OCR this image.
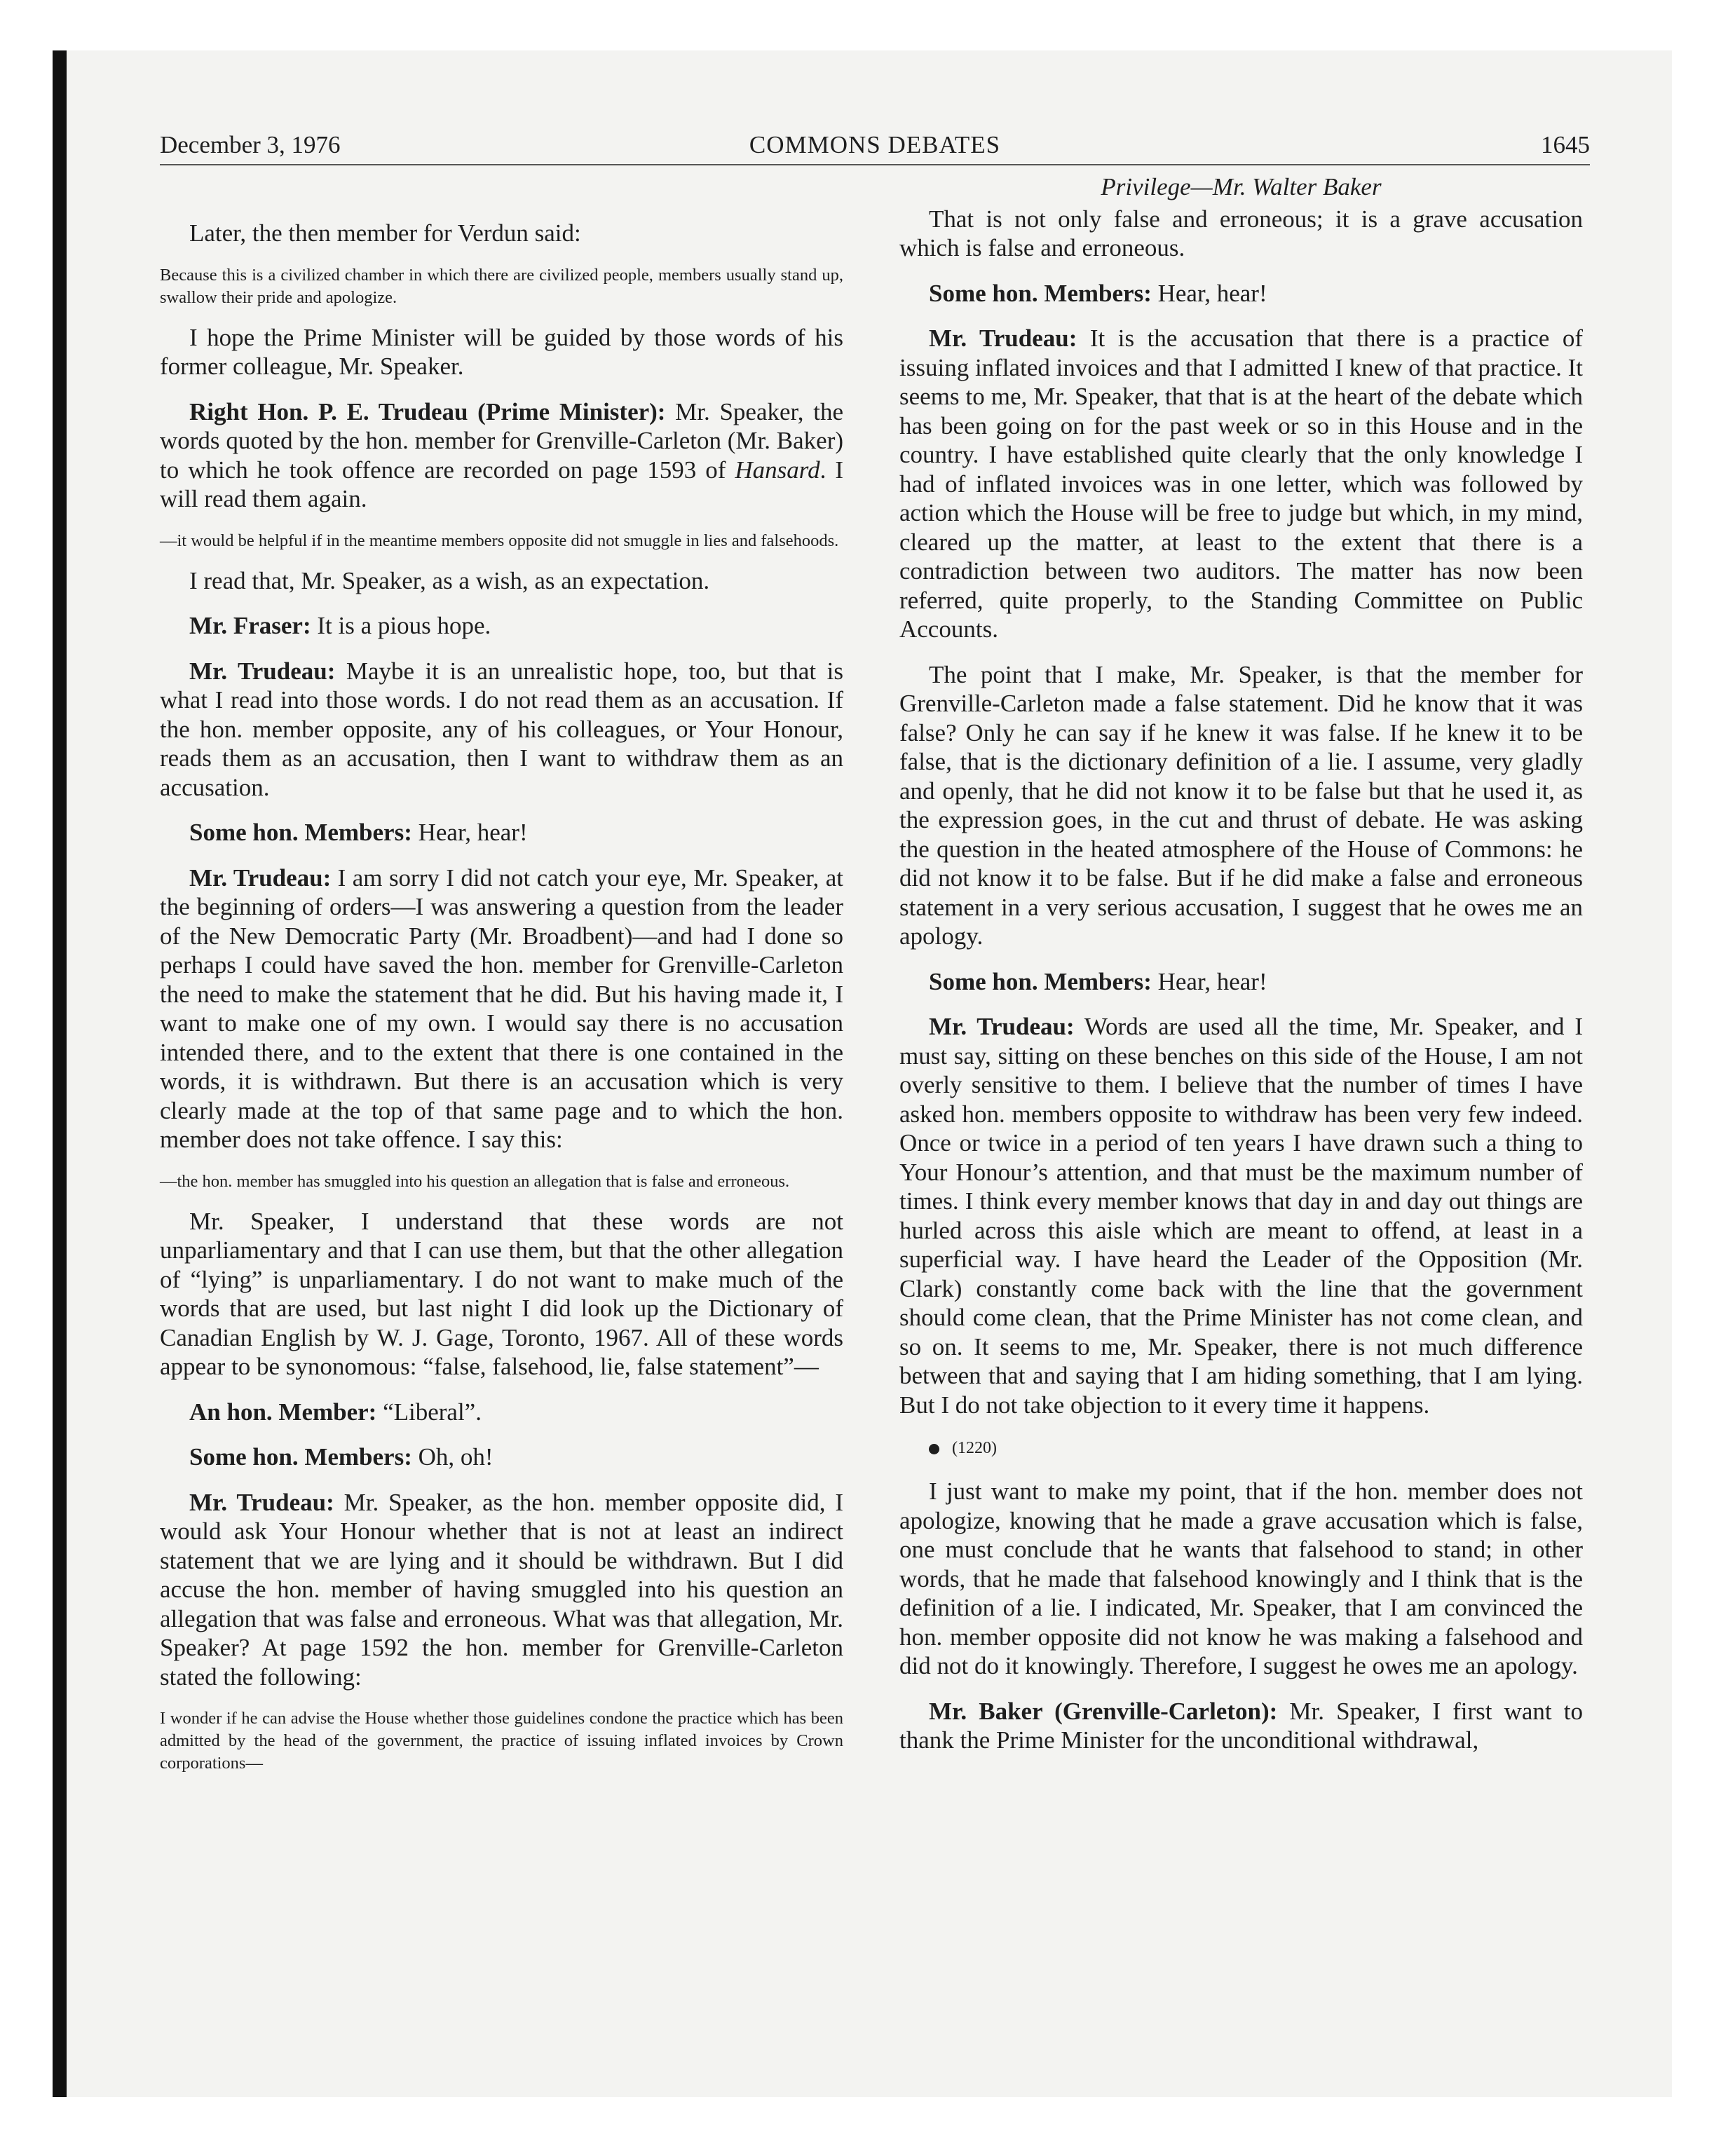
December 3, 1976	COMMONS DEBATES	1645

Later, the then member for Verdun said:

Because this is a civilized chamber in which there are civilized people, members usually stand up, swallow their pride and apologize.

I hope the Prime Minister will be guided by those words of his former colleague, Mr. Speaker.

Right Hon. P. E. Trudeau (Prime Minister): Mr. Speaker, the words quoted by the hon. member for Grenville-Carleton (Mr. Baker) to which he took offence are recorded on page 1593 of Hansard. I will read them again.

—it would be helpful if in the meantime members opposite did not smuggle in lies and falsehoods.

I read that, Mr. Speaker, as a wish, as an expectation.

Mr. Fraser: It is a pious hope.

Mr. Trudeau: Maybe it is an unrealistic hope, too, but that is what I read into those words. I do not read them as an accusation. If the hon. member opposite, any of his colleagues, or Your Honour, reads them as an accusation, then I want to withdraw them as an accusation.

Some hon. Members: Hear, hear!

Mr. Trudeau: I am sorry I did not catch your eye, Mr. Speaker, at the beginning of orders—I was answering a question from the leader of the New Democratic Party (Mr. Broadbent)—and had I done so perhaps I could have saved the hon. member for Grenville-Carleton the need to make the statement that he did. But his having made it, I want to make one of my own. I would say there is no accusation intended there, and to the extent that there is one contained in the words, it is withdrawn. But there is an accusation which is very clearly made at the top of that same page and to which the hon. member does not take offence. I say this:

—the hon. member has smuggled into his question an allegation that is false and erroneous.

Mr. Speaker, I understand that these words are not unparliamentary and that I can use them, but that the other allegation of “lying” is unparliamentary. I do not want to make much of the words that are used, but last night I did look up the Dictionary of Canadian English by W. J. Gage, Toronto, 1967. All of these words appear to be synonomous: “false, falsehood, lie, false statement”—

An hon. Member: “Liberal”.

Some hon. Members: Oh, oh!

Mr. Trudeau: Mr. Speaker, as the hon. member opposite did, I would ask Your Honour whether that is not at least an indirect statement that we are lying and it should be withdrawn. But I did accuse the hon. member of having smuggled into his question an allegation that was false and erroneous. What was that allegation, Mr. Speaker? At page 1592 the hon. member for Grenville-Carleton stated the following:

I wonder if he can advise the House whether those guidelines condone the practice which has been admitted by the head of the government, the practice of issuing inflated invoices by Crown corporations—

Privilege—Mr. Walter Baker

That is not only false and erroneous; it is a grave accusation which is false and erroneous.

Some hon. Members: Hear, hear!

Mr. Trudeau: It is the accusation that there is a practice of issuing inflated invoices and that I admitted I knew of that practice. It seems to me, Mr. Speaker, that that is at the heart of the debate which has been going on for the past week or so in this House and in the country. I have established quite clearly that the only knowledge I had of inflated invoices was in one letter, which was followed by action which the House will be free to judge but which, in my mind, cleared up the matter, at least to the extent that there is a contradiction between two auditors. The matter has now been referred, quite properly, to the Standing Committee on Public Accounts.

The point that I make, Mr. Speaker, is that the member for Grenville-Carleton made a false statement. Did he know that it was false? Only he can say if he knew it was false. If he knew it to be false, that is the dictionary definition of a lie. I assume, very gladly and openly, that he did not know it to be false but that he used it, as the expression goes, in the cut and thrust of debate. He was asking the question in the heated atmosphere of the House of Commons: he did not know it to be false. But if he did make a false and erroneous statement in a very serious accusation, I suggest that he owes me an apology.

Some hon. Members: Hear, hear!

Mr. Trudeau: Words are used all the time, Mr. Speaker, and I must say, sitting on these benches on this side of the House, I am not overly sensitive to them. I believe that the number of times I have asked hon. members opposite to withdraw has been very few indeed. Once or twice in a period of ten years I have drawn such a thing to Your Honour’s attention, and that must be the maximum number of times. I think every member knows that day in and day out things are hurled across this aisle which are meant to offend, at least in a superficial way. I have heard the Leader of the Opposition (Mr. Clark) constantly come back with the line that the government should come clean, that the Prime Minister has not come clean, and so on. It seems to me, Mr. Speaker, there is not much difference between that and saying that I am hiding something, that I am lying. But I do not take objection to it every time it happens.

(1220)

I just want to make my point, that if the hon. member does not apologize, knowing that he made a grave accusation which is false, one must conclude that he wants that falsehood to stand; in other words, that he made that falsehood knowingly and I think that is the definition of a lie. I indicated, Mr. Speaker, that I am convinced the hon. member opposite did not know he was making a falsehood and did not do it knowingly. Therefore, I suggest he owes me an apology.

Mr. Baker (Grenville-Carleton): Mr. Speaker, I first want to thank the Prime Minister for the unconditional withdrawal,
